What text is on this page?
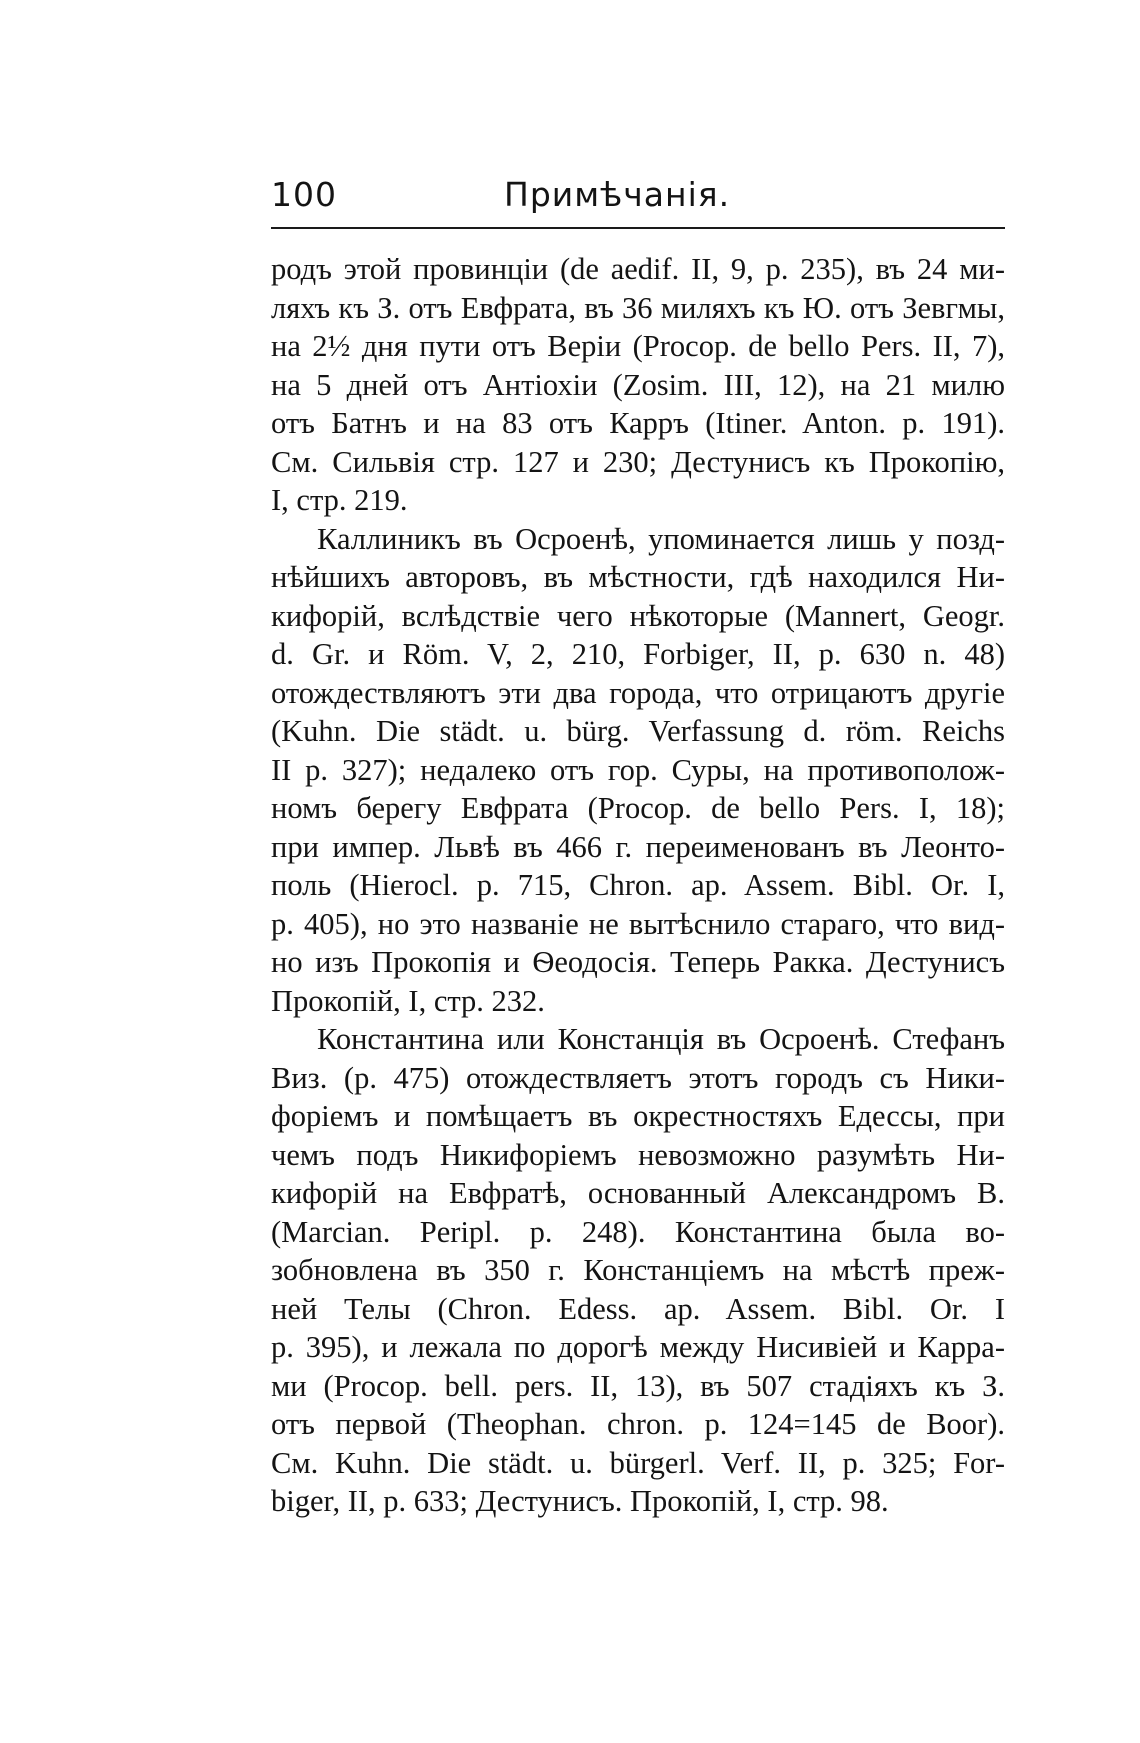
100	Примѣчанія.
родъ этой провинціи (de aedif. II, 9, p. 235), въ 24 ми-
ляхъ къ З. отъ Евфрата, въ 36 миляхъ къ Ю. отъ Зевгмы,
на 2½ дня пути отъ Веріи (Procop. de bello Pers. II, 7),
на 5 дней отъ Антіохіи (Zosim. III, 12), на 21 милю
отъ Батнъ и на 83 отъ Карръ (Itiner. Anton. p. 191).
См. Сильвія стр. 127 и 230; Дестунисъ къ Прокопію,
I, стр. 219.
Каллиникъ въ Осроенѣ, упоминается лишь у позд-
нѣйшихъ авторовъ, въ мѣстности, гдѣ находился Ни-
кифорій, вслѣдствіе чего нѣкоторые (Mannert, Geogr.
d. Gr. и Röm. V, 2, 210, Forbiger, II, p. 630 n. 48)
отождествляютъ эти два города, что отрицаютъ другіе
(Kuhn. Die städt. u. bürg. Verfassung d. röm. Reichs
II p. 327); недалеко отъ гор. Суры, на противополож-
номъ берегу Евфрата (Procop. de bello Pers. I, 18);
при импер. Львѣ въ 466 г. переименованъ въ Леонто-
поль (Hierocl. p. 715, Chron. ap. Assem. Bibl. Or. I,
p. 405), но это названіе не вытѣснило стараго, что вид-
но изъ Прокопія и Ѳеодосія. Теперь Ракка. Дестунисъ
Прокопій, I, стр. 232.
Константина или Констанція въ Осроенѣ. Стефанъ
Виз. (p. 475) отождествляетъ этотъ городъ съ Ники-
форіемъ и помѣщаетъ въ окрестностяхъ Едессы, при
чемъ подъ Никифоріемъ невозможно разумѣть Ни-
кифорій на Евфратѣ, основанный Александромъ В.
(Marcian. Peripl. p. 248). Константина была во-
зобновлена въ 350 г. Констанціемъ на мѣстѣ преж-
ней Телы (Chron. Edess. ap. Assem. Bibl. Or. I
p. 395), и лежала по дорогѣ между Нисивіей и Карра-
ми (Procop. bell. pers. II, 13), въ 507 стадіяхъ къ З.
отъ первой (Theophan. chron. p. 124=145 de Boor).
См. Kuhn. Die städt. u. bürgerl. Verf. II, p. 325; For-
biger, II, p. 633; Дестунисъ. Прокопій, I, стр. 98.
